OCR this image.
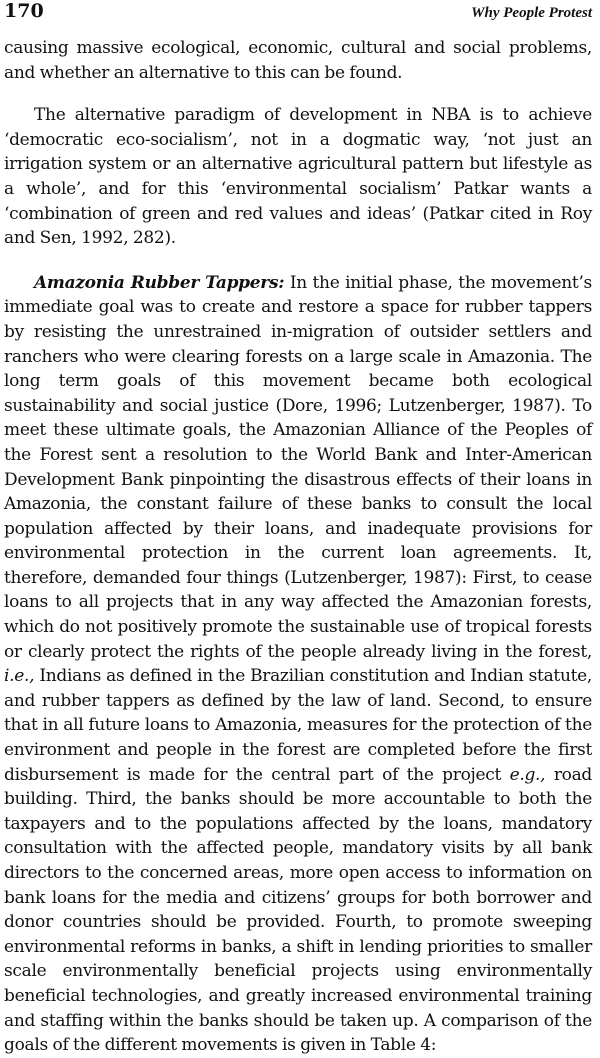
170	Why People Protest

causing massive ecological, economic, cultural and social problems, and whether an alternative to this can be found.

The alternative paradigm of development in NBA is to achieve ‘democratic eco-socialism’, not in a dogmatic way, ‘not just an irrigation system or an alternative agricultural pattern but lifestyle as a whole’, and for this ‘environmental socialism’ Patkar wants a ‘combination of green and red values and ideas’ (Patkar cited in Roy and Sen, 1992, 282).

Amazonia Rubber Tappers: In the initial phase, the movement’s immediate goal was to create and restore a space for rubber tappers by resisting the unrestrained in-migration of outsider settlers and ranchers who were clearing forests on a large scale in Amazonia. The long term goals of this movement became both ecological sustainability and social justice (Dore, 1996; Lutzenberger, 1987). To meet these ultimate goals, the Amazonian Alliance of the Peoples of the Forest sent a resolution to the World Bank and Inter-American Development Bank pinpointing the disastrous effects of their loans in Amazonia, the constant failure of these banks to consult the local population affected by their loans, and inadequate provisions for environmental protection in the current loan agreements. It, therefore, demanded four things (Lutzenberger, 1987): First, to cease loans to all projects that in any way affected the Amazonian forests, which do not positively promote the sustainable use of tropical forests or clearly protect the rights of the people already living in the forest, i.e., Indians as defined in the Brazilian constitution and Indian statute, and rubber tappers as defined by the law of land. Second, to ensure that in all future loans to Amazonia, measures for the protection of the environment and people in the forest are completed before the first disbursement is made for the central part of the project e.g., road building. Third, the banks should be more accountable to both the taxpayers and to the populations affected by the loans, mandatory consultation with the affected people, mandatory visits by all bank directors to the concerned areas, more open access to information on bank loans for the media and citizens’ groups for both borrower and donor countries should be provided. Fourth, to promote sweeping environmental reforms in banks, a shift in lending priorities to smaller scale environmentally beneficial projects using environmentally beneficial technologies, and greatly increased environmental training and staffing within the banks should be taken up. A comparison of the goals of the different movements is given in Table 4:
